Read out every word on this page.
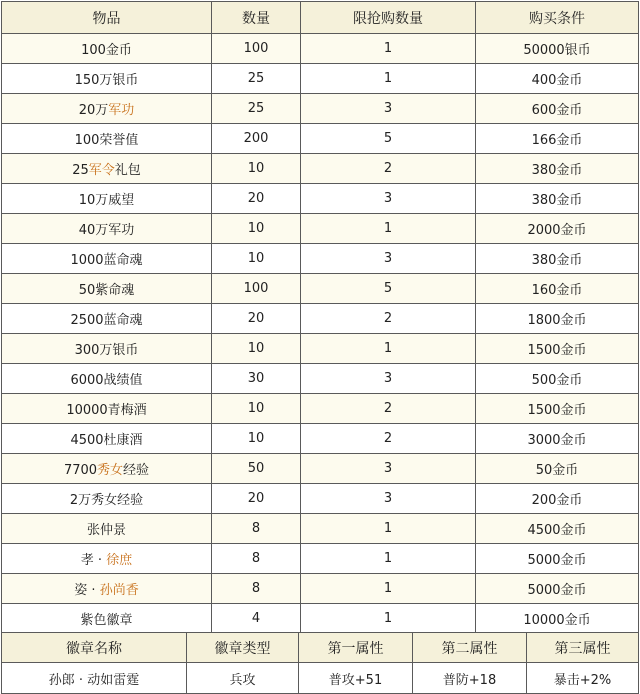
物品	数量	限抢购数量	购买条件
100金币	100	1	50000银币
150万银币	25	1	400金币
20万军功	25	3	600金币
100荣誉值	200	5	166金币
25军令礼包	10	2	380金币
10万威望	20	3	380金币
40万军功	10	1	2000金币
1000蓝命魂	10	3	380金币
50紫命魂	100	5	160金币
2500蓝命魂	20	2	1800金币
300万银币	10	1	1500金币
6000战绩值	30	3	500金币
10000青梅酒	10	2	1500金币
4500杜康酒	10	2	3000金币
7700秀女经验	50	3	50金币
2万秀女经验	20	3	200金币
张仲景	8	1	4500金币
孝 · 徐庶	8	1	5000金币
姿 · 孙尚香	8	1	5000金币
紫色徽章	4	1	10000金币
徽章名称	徽章类型	第一属性	第二属性	第三属性
孙郎 · 动如雷霆	兵攻	普攻+51	普防+18	暴击+2%
